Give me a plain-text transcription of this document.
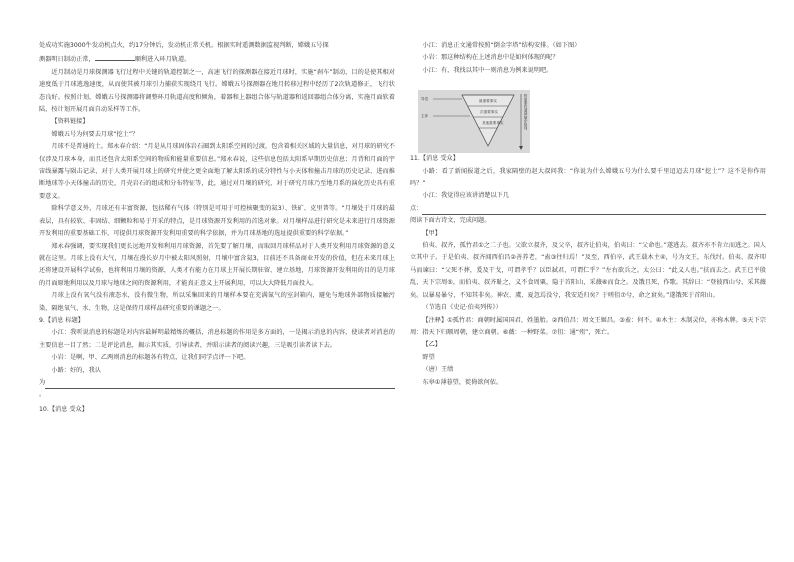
处成功实施3000牛发动机点火，约17分钟后，发动机正常关机。根据实时遥测数据监视判断，嫦娥五号探

测器明日制动正常，	顺利进入环月轨道。

近月制动是月球探测器飞行过程中关键的轨道控制之一，高速飞行的探测器在接近月球时，实施“刹车”制动，目的是使其相对速度低于月球逃逸速度，从而使其被月球引力捕获实现绕月飞行。嫦娥五号探测器在地月转移过程中经历了2次轨道修正，飞行状态良好。按照计划，嫦娥五号探测器将调整环月轨道高度和倾角，着器和上器组合体与轨道器和返回器组合体分离，实施月面软着陆，按计划开展月面自动采样等工作。

【资料链接】

嫦娥五号为何要去月球“挖土”？

月球不是普通的土。郑永春介绍：“月是从月球固体岩石圈到太阳系空间的过渡，包含着相关区域的大量信息，对月球的研究不仅涉及月球本身，而且还包含太阳系空间的物质和能量重要信息。”郑永春说，这些信息包括太阳系早期历史信息；月背和月面的宇宙线暴露与陨击记录，对于人类开展月球上的研究并使之更全面地了解太阳系的成分特性与小天体和撞击月球的历史记录，进而推断地球等小天体撞击的历史，月壳岩石的组成和分布特征等，此，通过对月壤的研究，对于研究月球乃至地月系的演化历史具有重要意义。

除科学意义外，月球还有丰富资源，包括稀有气体（特别是可用于可控核聚变的氦3）、铁矿、克里普等。“月壤处于月球的最表层，具有较软、非固结、细颗粒和易于开采的特点，是月球资源开发利用的首选对象。对月壤样品进行研究是未来进行月球资源开发利用的重要基础工作，可提供月球资源开发利用重要的科学依据，并为月球基地的选址提供重要的科学依据。”

郑永春强调，要实现我们更长远地开发和利用月球资源，首先要了解月壤，而取回月球样品对于人类开发利用月球资源的意义就在这里。月球上没有大气，月壤在漫长岁月中被太阳风照射，月壤中富含氦3，目前还不具备商业开发的价值，但在未来月球上还将建设开展科学试验，也将利用月壤的资源，人类才有能力在月球上开展长期驻留、建立基地，月球资源开发利用的目的是月球的月面原地利用以及月球与地球之间的资源利用，才能真正意义上开展利用，可以大大降低月面投入。

月球上没有氧气没有液态水，没有微生物，所以采集回来的月壤样本要在充满氮气的室封箱内，避免与地球外部物质接触污染，隔绝氧气、水、生物，这是保持月球样品研究重要的课题之一。

9.【消息 标题】

小江：我听说消息的标题是对内容最鲜明最精炼的概括，消息标题的作用是多方面的，一是揭示消息的内容，使读者对消息的主要信息一目了然；二是评论消息，揭示其实质，引导读者，并昭示读者的阅读兴趣，三是吸引读者读下去。

小岩：是啊，甲、乙两则消息的标题各有特点，让我们同学点评一下吧。

小路：好的，我认

为

。

10.【消息 受众】

小江：消息正文通常按照“倒金字塔”结构安排。（如下图）

小岩：那这种结构在上述消息中是如何体现的呢？

小江：有，我找以其中一则消息为例来说明吧。

11.【消息 受众】

小路：看了新闻报道之后，我家隔壁的赵大叔问我：“你说为什么嫦娥五号为什么要千里迢迢去月球“挖土”？这不是你作用吗？”

小江：我觉得应该讲清楚以下几

点：

阅读下面古诗文，完成问题。

【甲】

伯夷、叔齐，孤竹君①之二子也。父欲立叔齐，及父卒，叔齐让伯夷，伯夷曰：“父命也。”遂逃去。叔齐亦不肯立而逃之。国人立其中子。于是伯夷、叔齐闻西伯昌②善养老，“盍③往归焉！”及至，西伯卒，武王载木主④，号为文王，东伐纣。伯夷、叔齐叩马而谏曰：“父死不葬，爰及干戈，可谓孝乎？以臣弑君，可谓仁乎？”左右欲兵之。太公曰：“此义人也。”扶而去之。武王已平殷乱，天下宗周⑤，而伯夷、叔齐耻之，义不食周粟，隐于首阳山，采薇⑥而食之。及饿且死，作歌。其辞曰：“登彼西山兮，采其薇矣。以暴易暴兮，不知其非矣。神农、虞、夏忽焉没兮，我安适归矣？于嗟徂⑦兮，命之衰矣。”遂饿死于首阳山。

（节选自《史记·伯夷列传》）

【注释】①孤竹君：商朝时属国国君，姓墨胎。②西伯昌：周文王姬昌。③盍：何不。④木主：木制灵位，亦称木牌。⑤天下宗周：指天下归顺周朝，建立商朝。⑥薇：一种野菜。⑦徂：通“殂”，死亡。

【乙】

野望

（唐）王绩

东皋①薄暮望，徙倚欲何依。

导语
主体
最重要事实
次重要事实
其他重要事实	按重要性递减顺序排列
